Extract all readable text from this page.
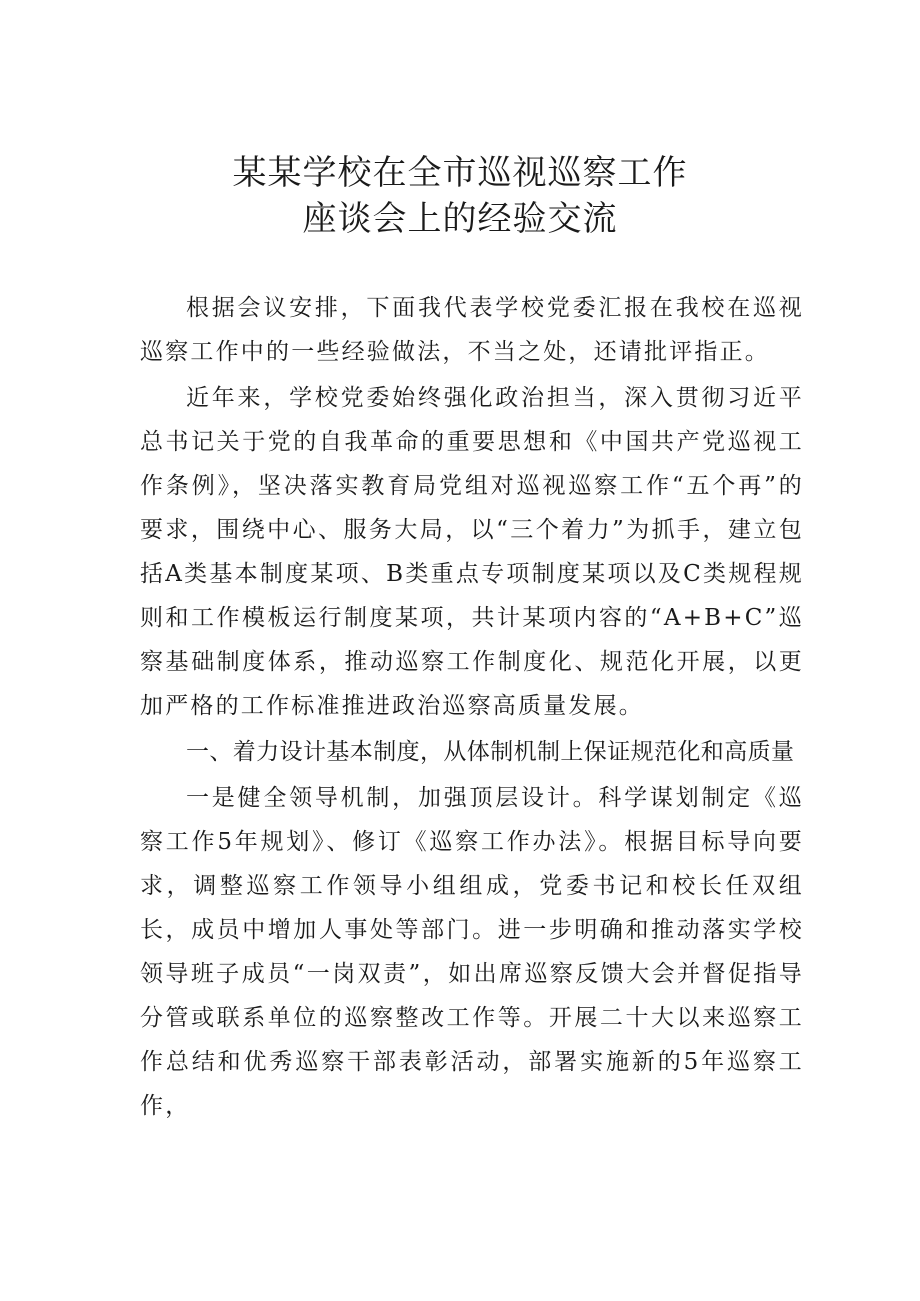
某某学校在全市巡视巡察工作
座谈会上的经验交流

根据会议安排，下面我代表学校党委汇报在我校在巡视巡察工作中的一些经验做法，不当之处，还请批评指正。

近年来，学校党委始终强化政治担当，深入贯彻习近平总书记关于党的自我革命的重要思想和《中国共产党巡视工作条例》，坚决落实教育局党组对巡视巡察工作“五个再”的要求，围绕中心、服务大局，以“三个着力”为抓手，建立包括A类基本制度某项、B类重点专项制度某项以及C类规程规则和工作模板运行制度某项，共计某项内容的“A+B+C”巡察基础制度体系，推动巡察工作制度化、规范化开展，以更加严格的工作标准推进政治巡察高质量发展。

一、着力设计基本制度，从体制机制上保证规范化和高质量

一是健全领导机制，加强顶层设计。科学谋划制定《巡察工作5年规划》、修订《巡察工作办法》。根据目标导向要求，调整巡察工作领导小组组成，党委书记和校长任双组长，成员中增加人事处等部门。进一步明确和推动落实学校领导班子成员“一岗双责”，如出席巡察反馈大会并督促指导分管或联系单位的巡察整改工作等。开展二十大以来巡察工作总结和优秀巡察干部表彰活动，部署实施新的5年巡察工作，
